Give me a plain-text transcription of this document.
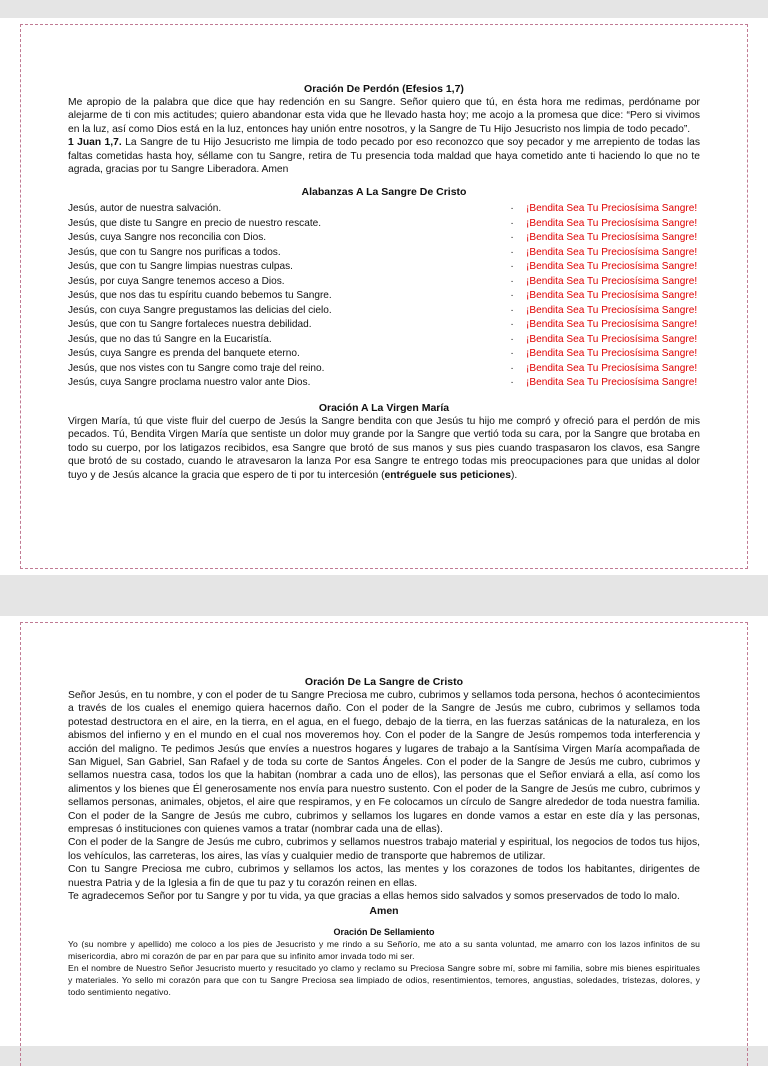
Oración De Perdón (Efesios 1,7)

Me apropio de la palabra que dice que hay redención en su Sangre. Señor quiero que tú, en ésta hora me redimas, perdóname por alejarme de ti con mis actitudes; quiero abandonar esta vida que he llevado hasta hoy; me acojo a la promesa que dice: “Pero si vivimos en la luz, así como Dios está en la luz, entonces hay unión entre nosotros, y la Sangre de Tu Hijo Jesucristo nos limpia de todo pecado”.

1 Juan 1,7. La Sangre de tu Hijo Jesucristo me limpia de todo pecado por eso reconozco que soy pecador y me arrepiento de todas las faltas cometidas hasta hoy, séllame con tu Sangre, retira de Tu presencia toda maldad que haya cometido ante ti haciendo lo que no te agrada, gracias por tu Sangre Liberadora. Amen

Alabanzas A La Sangre De Cristo

Jesús, autor de nuestra salvación.	·	¡Bendita Sea Tu Preciosísima Sangre!
Jesús, que diste tu Sangre en precio de nuestro rescate.	·	¡Bendita Sea Tu Preciosísima Sangre!
Jesús, cuya Sangre nos reconcilia con Dios.	·	¡Bendita Sea Tu Preciosísima Sangre!
Jesús, que con tu Sangre nos purificas a todos.	·	¡Bendita Sea Tu Preciosísima Sangre!
Jesús, que con tu Sangre limpias nuestras culpas.	·	¡Bendita Sea Tu Preciosísima Sangre!
Jesús, por cuya Sangre tenemos acceso a Dios.	·	¡Bendita Sea Tu Preciosísima Sangre!
Jesús, que nos das tu espíritu cuando bebemos tu Sangre.	·	¡Bendita Sea Tu Preciosísima Sangre!
Jesús, con cuya Sangre pregustamos las delicias del cielo.	·	¡Bendita Sea Tu Preciosísima Sangre!
Jesús, que con tu Sangre fortaleces nuestra debilidad.	·	¡Bendita Sea Tu Preciosísima Sangre!
Jesús, que no das tú Sangre en la Eucaristía.	·	¡Bendita Sea Tu Preciosísima Sangre!
Jesús, cuya Sangre es prenda del banquete eterno.	·	¡Bendita Sea Tu Preciosísima Sangre!
Jesús, que nos vistes con tu Sangre como traje del reino.	·	¡Bendita Sea Tu Preciosísima Sangre!
Jesús, cuya Sangre proclama nuestro valor ante Dios.	·	¡Bendita Sea Tu Preciosísima Sangre!

Oración A La Virgen María

Virgen María, tú que viste fluir del cuerpo de Jesús la Sangre bendita con que Jesús tu hijo me compró y ofreció para el perdón de mis pecados. Tú, Bendita Virgen María que sentiste un dolor muy grande por la Sangre que vertió toda su cara, por la Sangre que brotaba en todo su cuerpo, por los latigazos recibidos, esa Sangre que brotó de sus manos y sus pies cuando traspasaron los clavos, esa Sangre que brotó de su costado, cuando le atravesaron la lanza Por esa Sangre te entrego todas mis preocupaciones para que unidas al dolor tuyo y de Jesús alcance la gracia que espero de ti por tu intercesión (entréguele sus peticiones).

Oración De La Sangre de Cristo

Señor Jesús, en tu nombre, y con el poder de tu Sangre Preciosa me cubro, cubrimos y sellamos toda persona, hechos ó acontecimientos a través de los cuales el enemigo quiera hacernos daño. Con el poder de la Sangre de Jesús me cubro, cubrimos y sellamos toda potestad destructora en el aire, en la tierra, en el agua, en el fuego, debajo de la tierra, en las fuerzas satánicas de la naturaleza, en los abismos del infierno y en el mundo en el cual nos moveremos hoy. Con el poder de la Sangre de Jesús rompemos toda interferencia y acción del maligno. Te pedimos Jesús que envíes a nuestros hogares y lugares de trabajo a la Santísima Virgen María acompañada de San Miguel, San Gabriel, San Rafael y de toda su corte de Santos Ángeles. Con el poder de la Sangre de Jesús me cubro, cubrimos y sellamos nuestra casa, todos los que la habitan (nombrar a cada uno de ellos), las personas que el Señor enviará a ella, así como los alimentos y los bienes que Él generosamente nos envía para nuestro sustento. Con el poder de la Sangre de Jesús me cubro, cubrimos y sellamos personas, animales, objetos, el aire que respiramos, y en Fe colocamos un círculo de Sangre alrededor de toda nuestra familia. Con el poder de la Sangre de Jesús me cubro, cubrimos y sellamos los lugares en donde vamos a estar en este día y las personas, empresas ó instituciones con quienes vamos a tratar (nombrar cada una de ellas).

Con el poder de la Sangre de Jesús me cubro, cubrimos y sellamos nuestros trabajo material y espiritual, los negocios de todos tus hijos, los vehículos, las carreteras, los aires, las vías y cualquier medio de transporte que habremos de utilizar.

Con tu Sangre Preciosa me cubro, cubrimos y sellamos los actos, las mentes y los corazones de todos los habitantes, dirigentes de nuestra Patria y de la Iglesia a fin de que tu paz y tu corazón reinen en ellas.

Te agradecemos Señor por tu Sangre y por tu vida, ya que gracias a ellas hemos sido salvados y somos preservados de todo lo malo.

Amen

Oración De Sellamiento

Yo (su nombre y apellido) me coloco a los pies de Jesucristo y me rindo a su Señorío, me ato a su santa voluntad, me amarro con los lazos infinitos de su misericordia, abro mi corazón de par en par para que su infinito amor invada todo mi ser.

En el nombre de Nuestro Señor Jesucristo muerto y resucitado yo clamo y reclamo su Preciosa Sangre sobre mí, sobre mi familia, sobre mis bienes espirituales y materiales. Yo sello mi corazón para que con tu Sangre Preciosa sea limpiado de odios, resentimientos, temores, angustias, soledades, tristezas, dolores, y todo sentimiento negativo.
